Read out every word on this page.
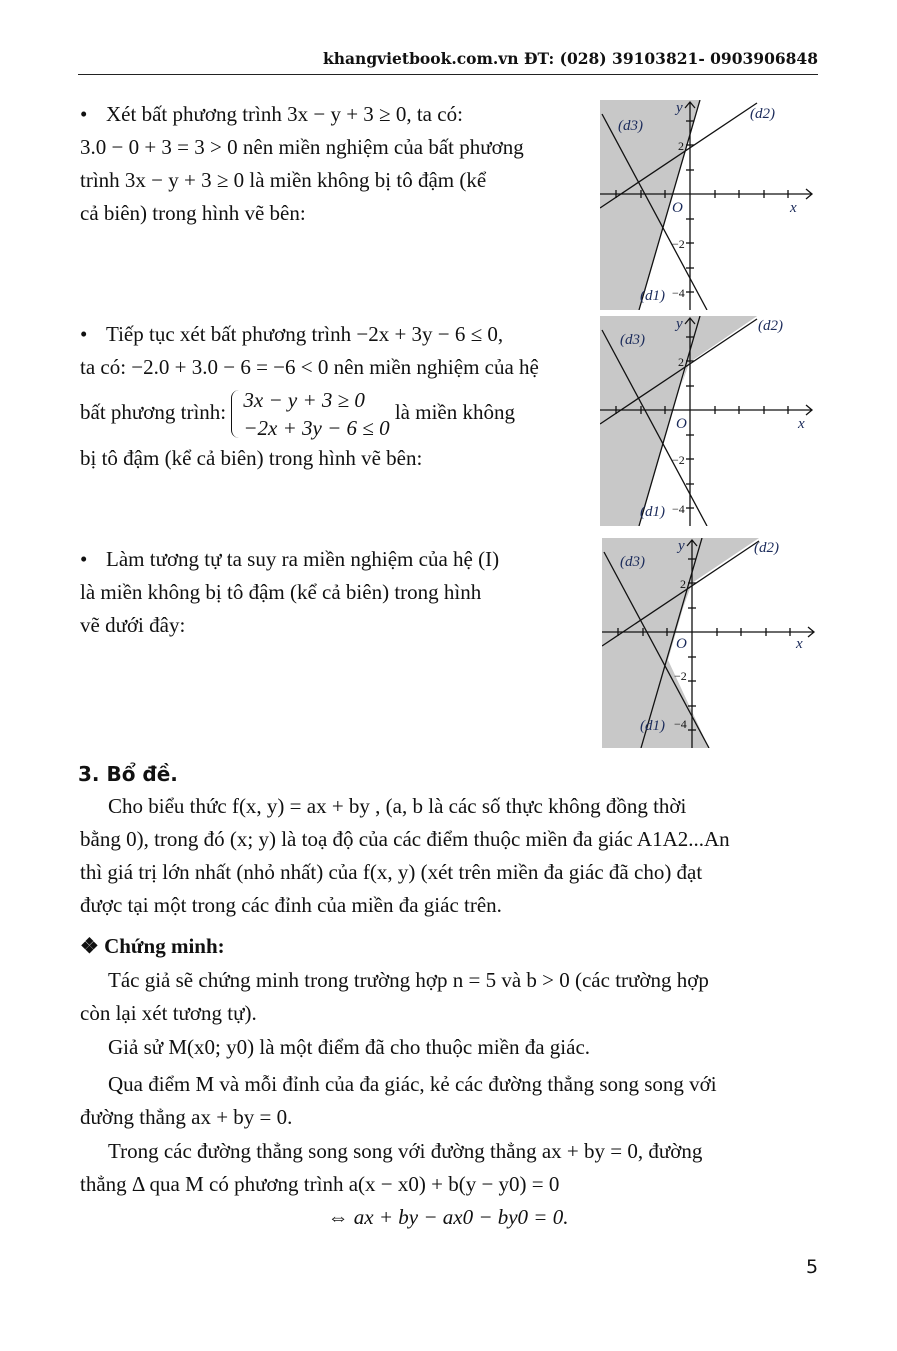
khangvietbook.com.vn ĐT: (028) 39103821- 0903906848
• Xét bất phương trình 3x − y + 3 ≥ 0, ta có:
3.0 − 0 + 3 = 3 > 0 nên miền nghiệm của bất phương
trình 3x − y + 3 ≥ 0 là miền không bị tô đậm (kể
cả biên) trong hình vẽ bên:
• Tiếp tục xét bất phương trình −2x + 3y − 6 ≤ 0,
ta có: −2.0 + 3.0 − 6 = −6 < 0 nên miền nghiệm của hệ
bất phương trình: 3x − y + 3 ≥ 0
−2x + 3y − 6 ≤ 0
là miền không
bị tô đậm (kể cả biên) trong hình vẽ bên:
• Làm tương tự ta suy ra miền nghiệm của hệ (I)
là miền không bị tô đậm (kể cả biên) trong hình
vẽ dưới đây:
y
x
O
(d2)
(d3)
(d1)
2
−2
−4
y
x
O
(d2)
(d3)
(d1)
2
−2
−4
y
x
O
(d2)
(d3)
(d1)
2
−2
−4
3. Bổ đề.
Cho biểu thức f(x, y) = ax + by , (a, b là các số thực không đồng thời
bằng 0), trong đó (x; y) là toạ độ của các điểm thuộc miền đa giác A1A2...An
thì giá trị lớn nhất (nhỏ nhất) của f(x, y) (xét trên miền đa giác đã cho) đạt
được tại một trong các đỉnh của miền đa giác trên.
❖ Chứng minh:
Tác giả sẽ chứng minh trong trường hợp n = 5 và b > 0 (các trường hợp
còn lại xét tương tự).
Giả sử M(x0; y0) là một điểm đã cho thuộc miền đa giác.
Qua điểm M và mỗi đỉnh của đa giác, kẻ các đường thẳng song song với
đường thẳng ax + by = 0.
Trong các đường thẳng song song với đường thẳng ax + by = 0, đường
thẳng Δ qua M có phương trình a(x − x0) + b(y − y0) = 0
⇔ ax + by − ax0 − by0 = 0.
5
